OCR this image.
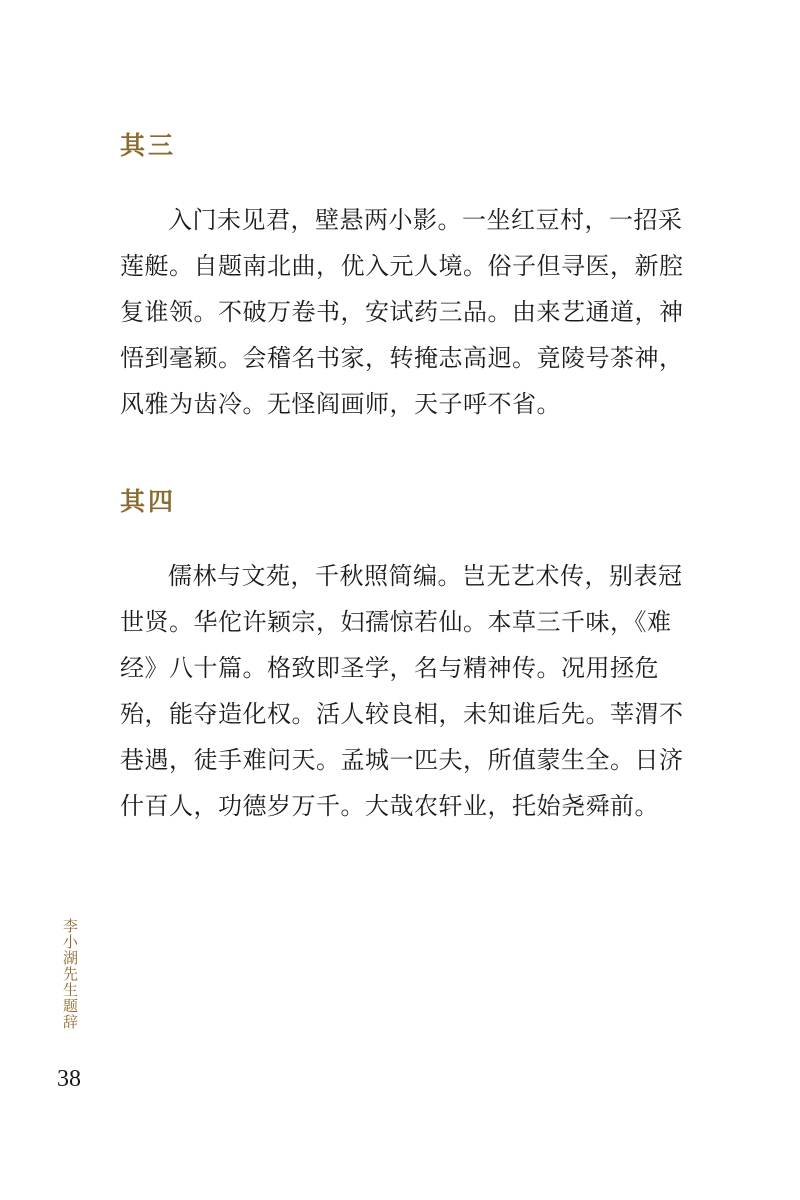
其三
入门未见君，壁悬两小影。一坐红豆村，一招采
莲艇。自题南北曲，优入元人境。俗子但寻医，新腔
复谁领。不破万卷书，安试药三品。由来艺通道，神
悟到毫颖。会稽名书家，转掩志高迥。竟陵号茶神，
风雅为齿冷。无怪阎画师，天子呼不省。
其四
儒林与文苑，千秋照简编。岂无艺术传，别表冠
世贤。华佗许颖宗，妇孺惊若仙。本草三千味，《难
经》八十篇。格致即圣学，名与精神传。况用拯危
殆，能夺造化权。活人较良相，未知谁后先。莘渭不
巷遇，徒手难问天。孟城一匹夫，所值蒙生全。日济
什百人，功德岁万千。大哉农轩业，托始尧舜前。
李小湖先生题辞
38
